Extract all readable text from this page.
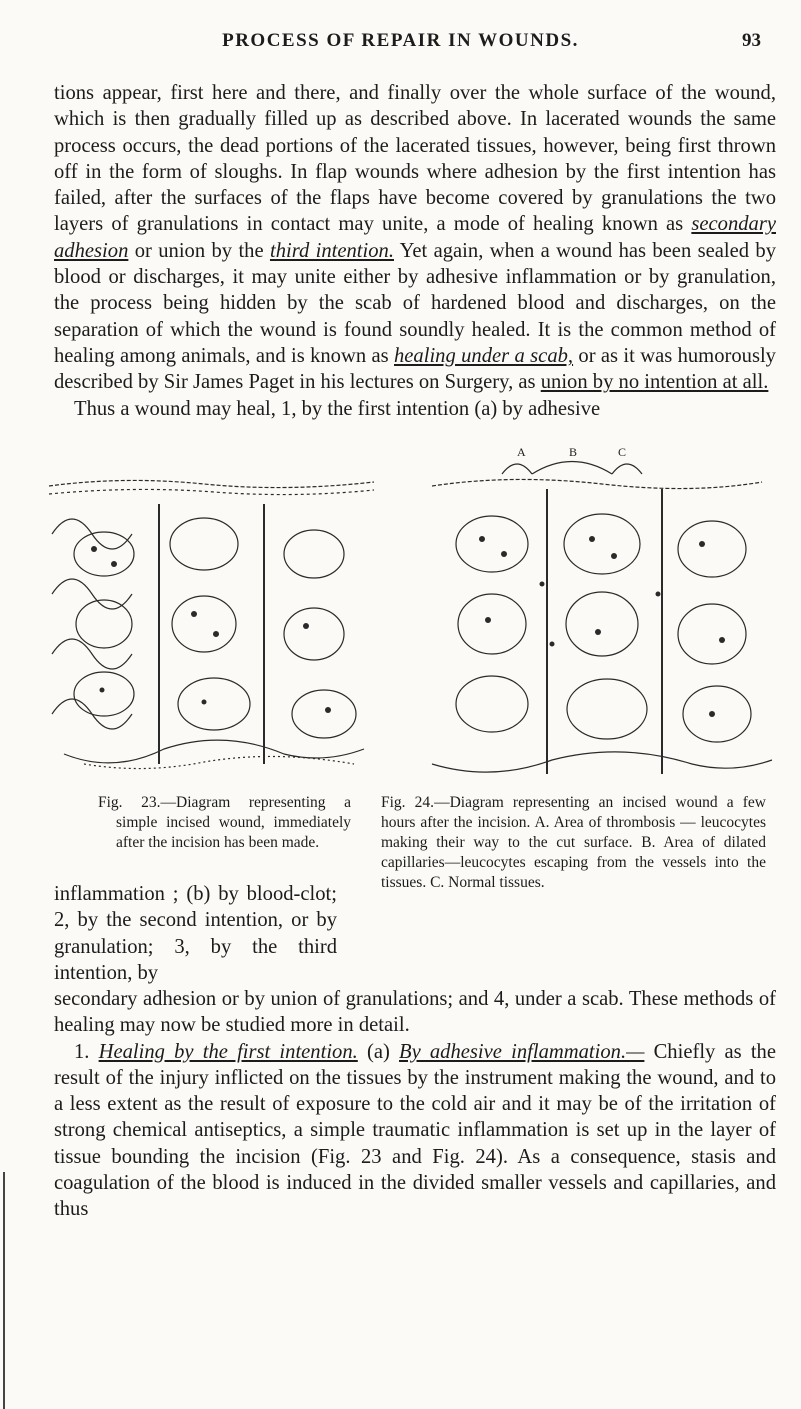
PROCESS OF REPAIR IN WOUNDS.	93

tions appear, first here and there, and finally over the whole surface of the wound, which is then gradually filled up as described above. In lacerated wounds the same process occurs, the dead portions of the lacerated tissues, however, being first thrown off in the form of sloughs. In flap wounds where adhesion by the first intention has failed, after the surfaces of the flaps have become covered by granulations the two layers of granulations in contact may unite, a mode of healing known as secondary adhesion or union by the third intention. Yet again, when a wound has been sealed by blood or discharges, it may unite either by adhesive inflammation or by granulation, the process being hidden by the scab of hardened blood and discharges, on the separation of which the wound is found soundly healed. It is the common method of healing among animals, and is known as healing under a scab, or as it was humorously described by Sir James Paget in his lectures on Surgery, as union by no intention at all.
Thus a wound may heal, 1, by the first intention (a) by adhesive

A	B	C
Fig. 23.—Diagram representing a simple incised wound, immediately after the incision has been made.
Fig. 24.—Diagram representing an incised wound a few hours after the incision. A. Area of thrombosis — leucocytes making their way to the cut surface. B. Area of dilated capillaries—leucocytes escaping from the vessels into the tissues. C. Normal tissues.
inflammation ; (b) by blood-clot; 2, by the second intention, or by granulation; 3, by the third intention, by

secondary adhesion or by union of granulations; and 4, under a scab. These methods of healing may now be studied more in detail.
1. Healing by the first intention. (a) By adhesive inflammation.— Chiefly as the result of the injury inflicted on the tissues by the instrument making the wound, and to a less extent as the result of exposure to the cold air and it may be of the irritation of strong chemical antiseptics, a simple traumatic inflammation is set up in the layer of tissue bounding the incision (Fig. 23 and Fig. 24). As a consequence, stasis and coagulation of the blood is induced in the divided smaller vessels and capillaries, and thus
